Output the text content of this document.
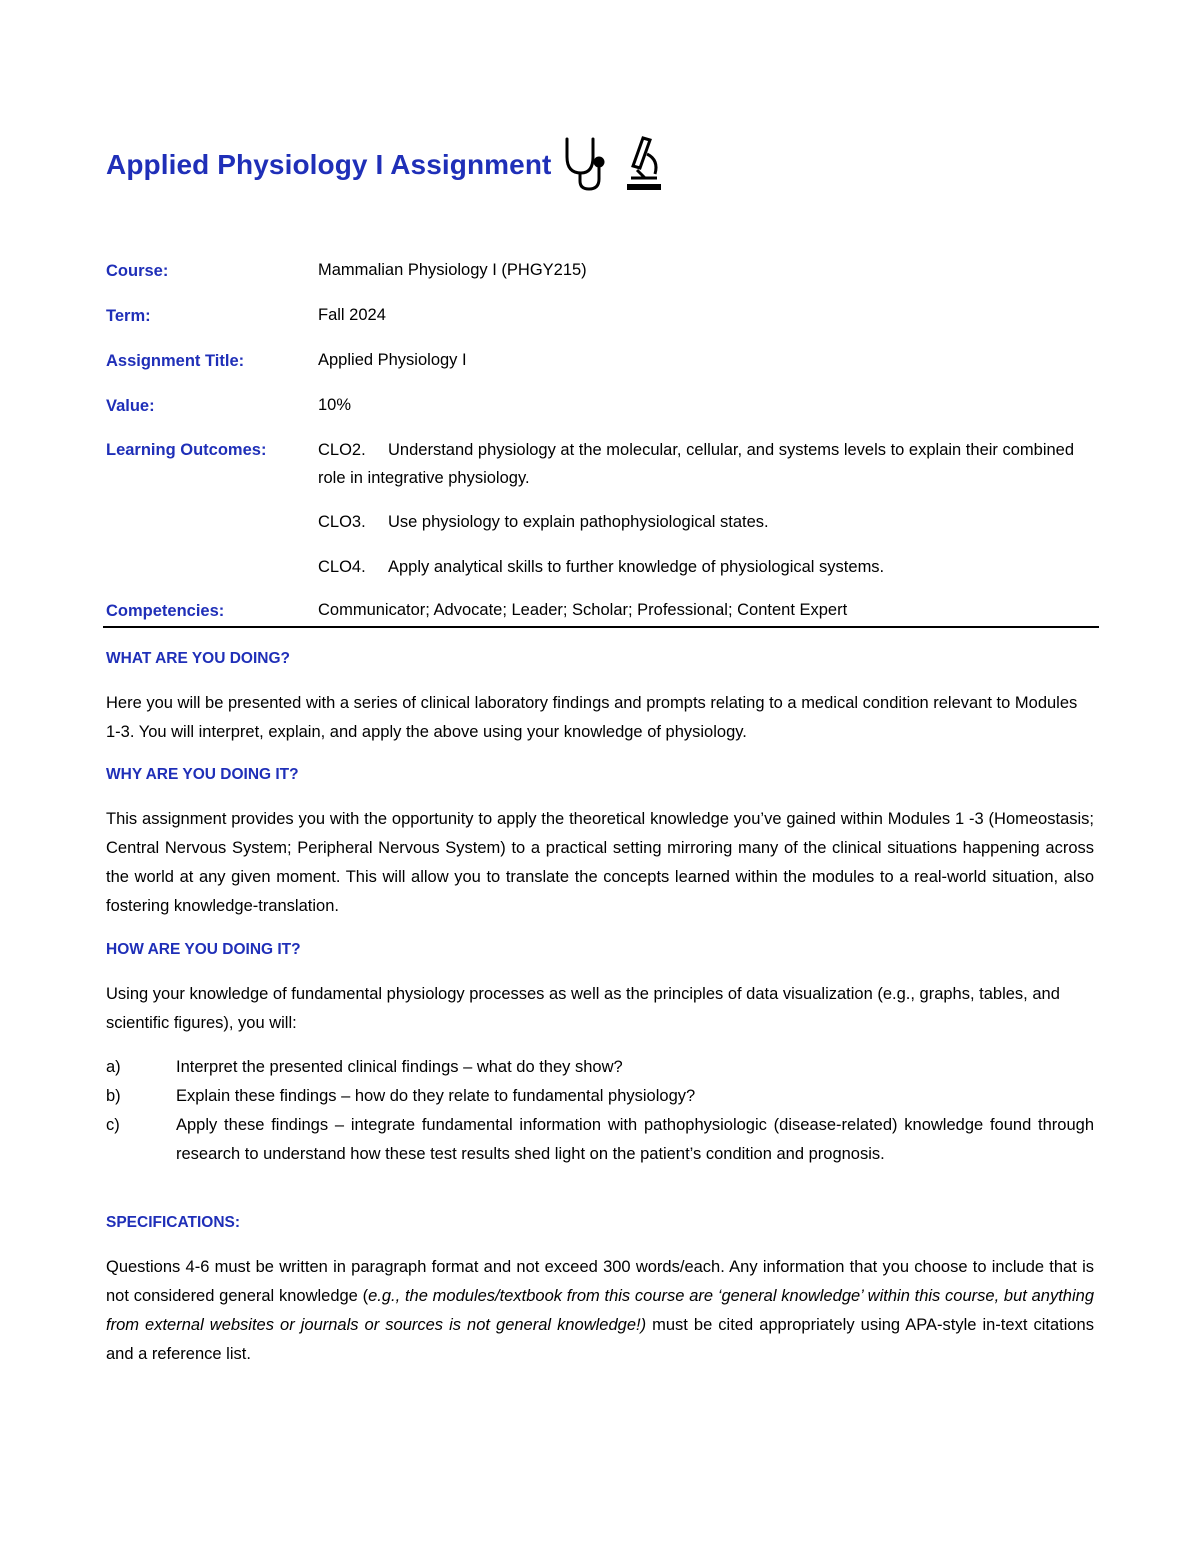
Applied Physiology I Assignment
Course:	Mammalian Physiology I (PHGY215)
Term:	Fall 2024
Assignment Title:	Applied Physiology I
Value:	10%
Learning Outcomes:	CLO2. Understand physiology at the molecular, cellular, and systems levels to explain their combined role in integrative physiology.
CLO3. Use physiology to explain pathophysiological states.
CLO4. Apply analytical skills to further knowledge of physiological systems.
Competencies:	Communicator; Advocate; Leader; Scholar; Professional; Content Expert
WHAT ARE YOU DOING?
Here you will be presented with a series of clinical laboratory findings and prompts relating to a medical condition relevant to Modules 1-3. You will interpret, explain, and apply the above using your knowledge of physiology.
WHY ARE YOU DOING IT?
This assignment provides you with the opportunity to apply the theoretical knowledge you’ve gained within Modules 1 -3 (Homeostasis; Central Nervous System; Peripheral Nervous System) to a practical setting mirroring many of the clinical situations happening across the world at any given moment. This will allow you to translate the concepts learned within the modules to a real-world situation, also fostering knowledge-translation.
HOW ARE YOU DOING IT?
Using your knowledge of fundamental physiology processes as well as the principles of data visualization (e.g., graphs, tables, and scientific figures), you will:
a)	Interpret the presented clinical findings – what do they show?
b)	Explain these findings – how do they relate to fundamental physiology?
c)	Apply these findings – integrate fundamental information with pathophysiologic (disease-related) knowledge found through research to understand how these test results shed light on the patient’s condition and prognosis.
SPECIFICATIONS:
Questions 4-6 must be written in paragraph format and not exceed 300 words/each. Any information that you choose to include that is not considered general knowledge (e.g., the modules/textbook from this course are ‘general knowledge’ within this course, but anything from external websites or journals or sources is not general knowledge!) must be cited appropriately using APA-style in-text citations and a reference list.
